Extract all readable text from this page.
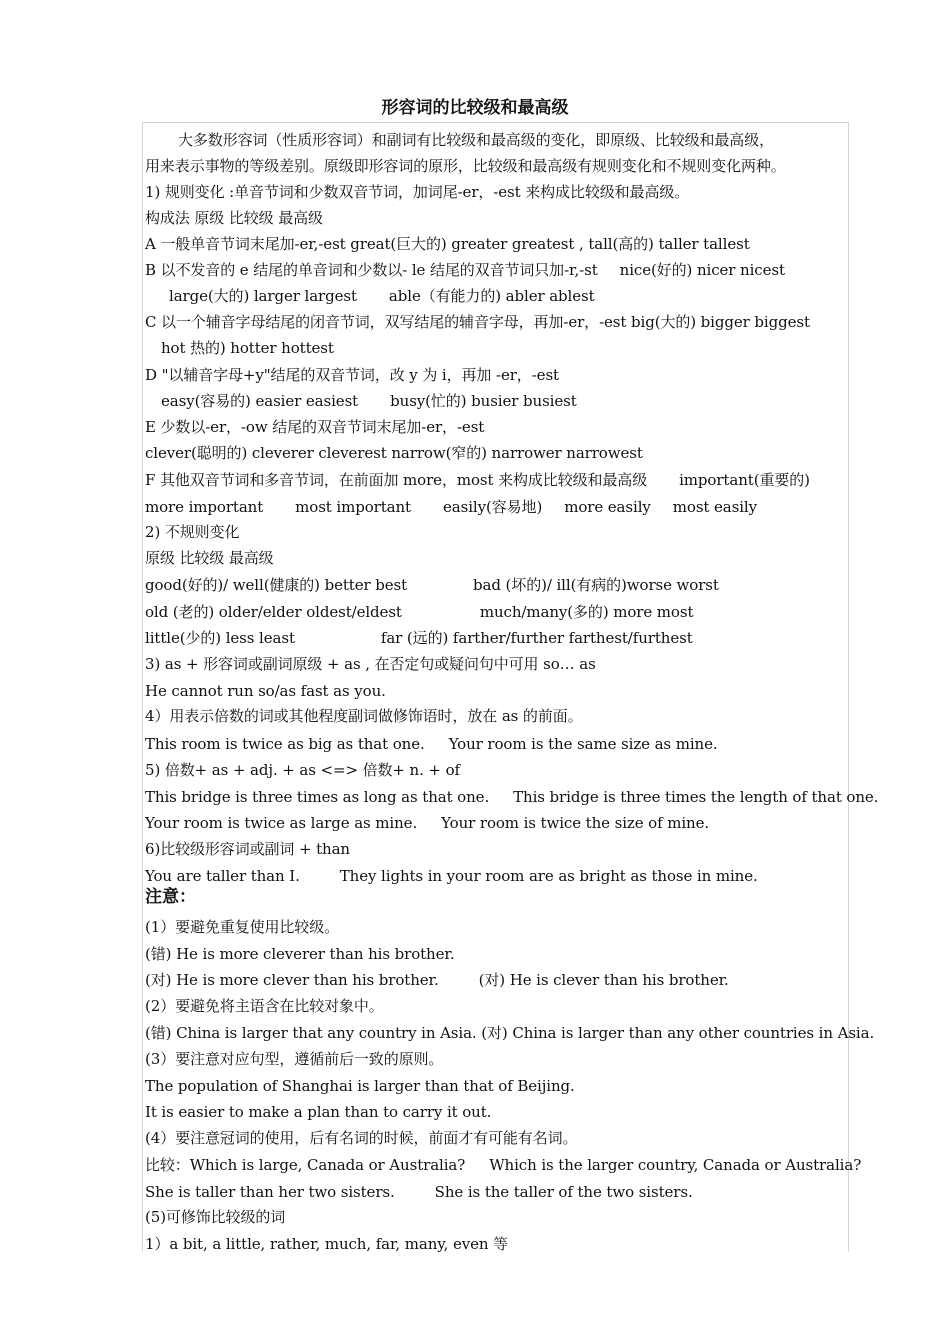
形容词的比较级和最高级
注意：
大多数形容词（性质形容词）和副词有比较级和最高级的变化，即原级、比较级和最高级，
用来表示事物的等级差别。原级即形容词的原形，比较级和最高级有规则变化和不规则变化两种。
1) 规则变化 :单音节词和少数双音节词，加词尾-er，-est 来构成比较级和最高级。
构成法 原级 比较级 最高级
A 一般单音节词末尾加-er,-est great(巨大的) greater greatest , tall(高的) taller tallest
B 以不发音的 e 结尾的单音词和少数以- le 结尾的双音节词只加-r,-st nice(好的) nicer nicest
large(大的) larger largest able（有能力的) abler ablest
C 以一个辅音字母结尾的闭音节词，双写结尾的辅音字母，再加-er，-est big(大的) bigger biggest
hot 热的) hotter hottest
D "以辅音字母+y"结尾的双音节词，改 y 为 i，再加 -er，-est
easy(容易的) easier easiest busy(忙的) busier busiest
E 少数以-er，-ow 结尾的双音节词末尾加-er，-est
clever(聪明的) cleverer cleverest narrow(窄的) narrower narrowest
F 其他双音节词和多音节词，在前面加 more，most 来构成比较级和最高级 important(重要的)
more important most important easily(容易地) more easily most easily
2) 不规则变化
原级 比较级 最高级
good(好的)/ well(健康的) better best	bad (坏的)/ ill(有病的)worse worst
old (老的) older/elder oldest/eldest	much/many(多的) more most
little(少的) less least	far (远的) farther/further farthest/furthest
3) as + 形容词或副词原级 + as , 在否定句或疑问句中可用 so… as
He cannot run so/as fast as you.
4）用表示倍数的词或其他程度副词做修饰语时，放在 as 的前面。
This room is twice as big as that one. Your room is the same size as mine.
5) 倍数+ as + adj. + as <=> 倍数+ n. + of
This bridge is three times as long as that one. This bridge is three times the length of that one.
Your room is twice as large as mine. Your room is twice the size of mine.
6)比较级形容词或副词 + than
You are taller than I.	They lights in your room are as bright as those in mine.
(1）要避免重复使用比较级。
(错) He is more cleverer than his brother.
(对) He is more clever than his brother.	(对) He is clever than his brother.
(2）要避免将主语含在比较对象中。
(错) China is larger that any country in Asia. (对) China is larger than any other countries in Asia.
(3）要注意对应句型，遵循前后一致的原则。
The population of Shanghai is larger than that of Beijing.
It is easier to make a plan than to carry it out.
(4）要注意冠词的使用，后有名词的时候，前面才有可能有名词。
比较：Which is large, Canada or Australia? Which is the larger country, Canada or Australia?
She is taller than her two sisters.	She is the taller of the two sisters.
(5)可修饰比较级的词
1）a bit, a little, rather, much, far, many, even 等
